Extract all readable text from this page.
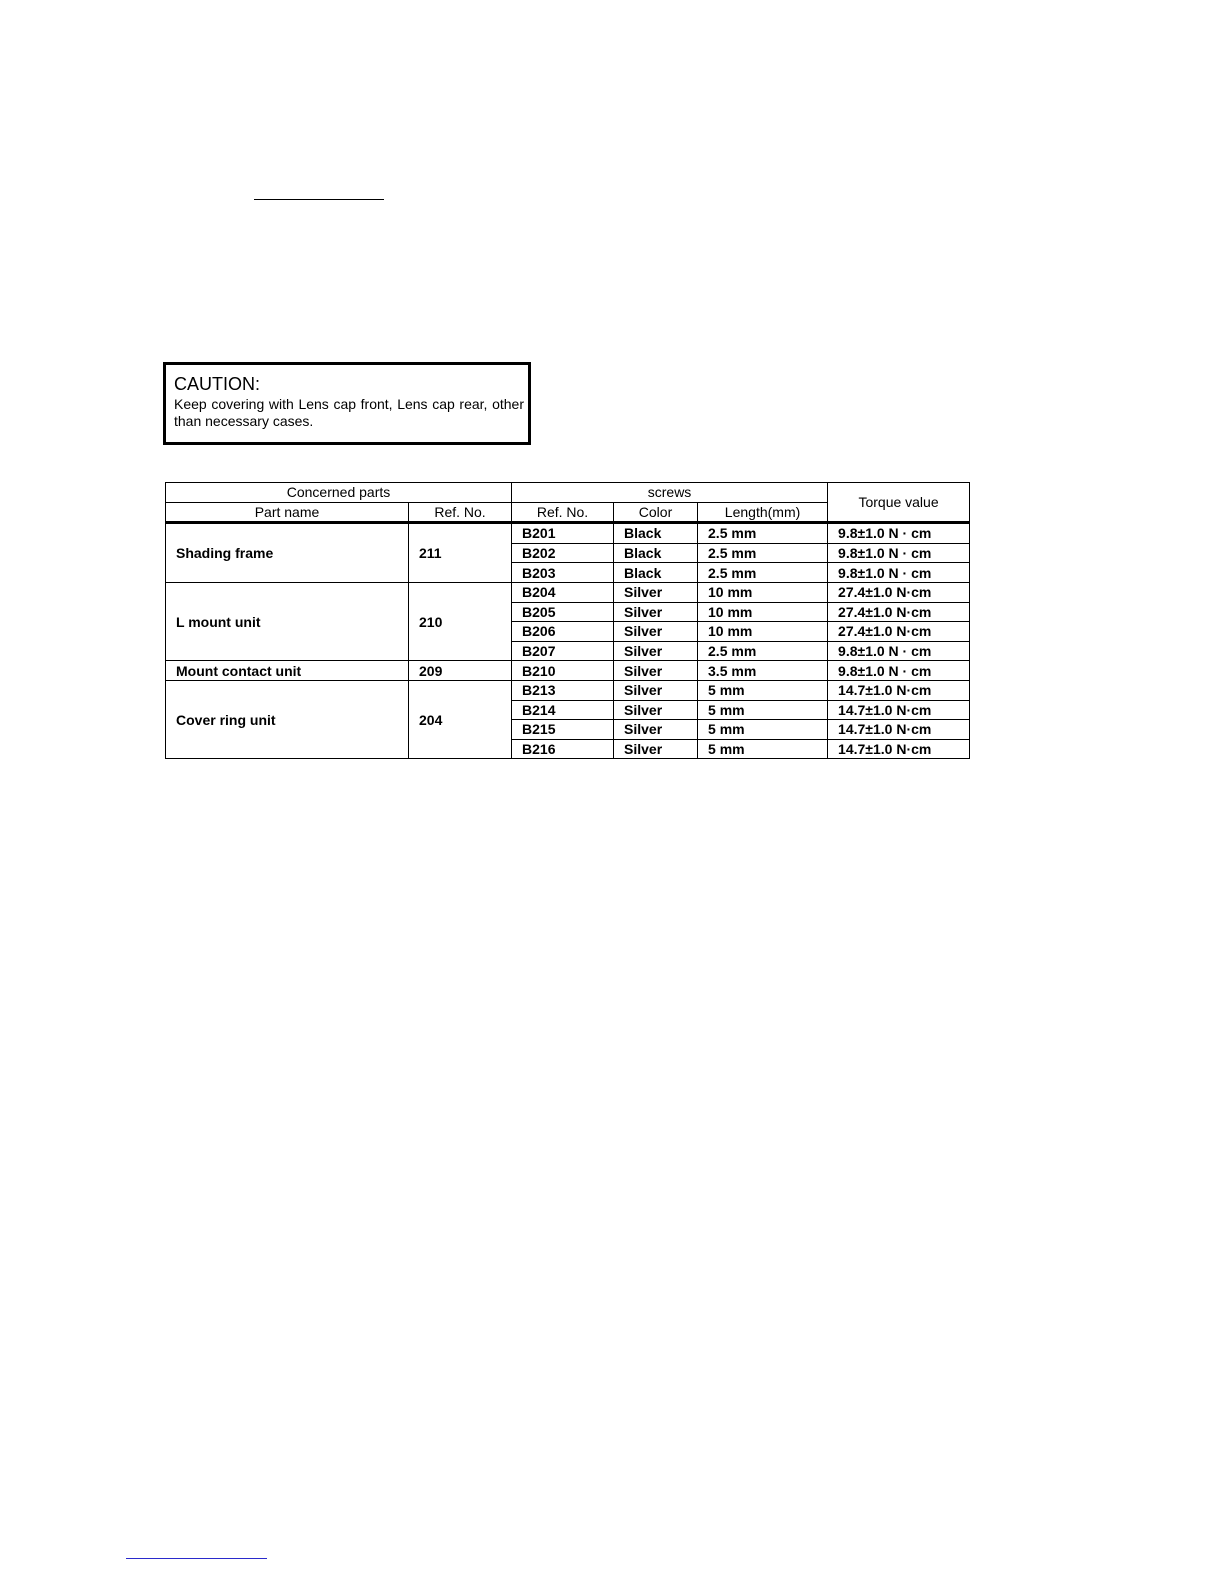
CAUTION:
Keep covering with Lens cap front, Lens cap rear, other than necessary cases.
Concerned parts		screws			Torque value
Part name	Ref. No.	Ref. No.	Color	Length(mm)	
Shading frame	211	B201	Black	2.5 mm	9.8±1.0 N · cm
		B202	Black	2.5 mm	9.8±1.0 N · cm
		B203	Black	2.5 mm	9.8±1.0 N · cm
L mount unit	210	B204	Silver	10 mm	27.4±1.0 N·cm
		B205	Silver	10 mm	27.4±1.0 N·cm
		B206	Silver	10 mm	27.4±1.0 N·cm
		B207	Silver	2.5 mm	9.8±1.0 N · cm
Mount contact unit	209	B210	Silver	3.5 mm	9.8±1.0 N · cm
Cover ring unit	204	B213	Silver	5 mm	14.7±1.0 N·cm
		B214	Silver	5 mm	14.7±1.0 N·cm
		B215	Silver	5 mm	14.7±1.0 N·cm
		B216	Silver	5 mm	14.7±1.0 N·cm
